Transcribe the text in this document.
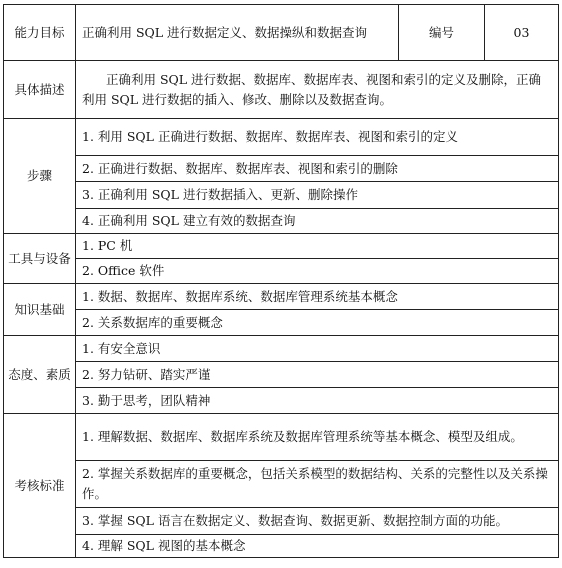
能力目标	正确利用 SQL 进行数据定义、数据操纵和数据查询	编号	03
具体描述	正确利用 SQL 进行数据、数据库、数据库表、视图和索引的定义及删除，正确利用 SQL 进行数据的插入、修改、删除以及数据查询。		
步骤	1. 利用 SQL 正确进行数据、数据库、数据库表、视图和索引的定义		
	2. 正确进行数据、数据库、数据库表、视图和索引的删除		
	3. 正确利用 SQL 进行数据插入、更新、删除操作		
	4. 正确利用 SQL 建立有效的数据查询		
工具与设备	1. PC 机		
	2. Office 软件		
知识基础	1. 数据、数据库、数据库系统、数据库管理系统基本概念		
	2. 关系数据库的重要概念		
态度、素质	1. 有安全意识		
	2. 努力钻研、踏实严谨		
	3. 勤于思考，团队精神		
考核标准	1. 理解数据、数据库、数据库系统及数据库管理系统等基本概念、模型及组成。		
	2. 掌握关系数据库的重要概念，包括关系模型的数据结构、关系的完整性以及关系操作。		
	3. 掌握 SQL 语言在数据定义、数据查询、数据更新、数据控制方面的功能。		
	4. 理解 SQL 视图的基本概念		
